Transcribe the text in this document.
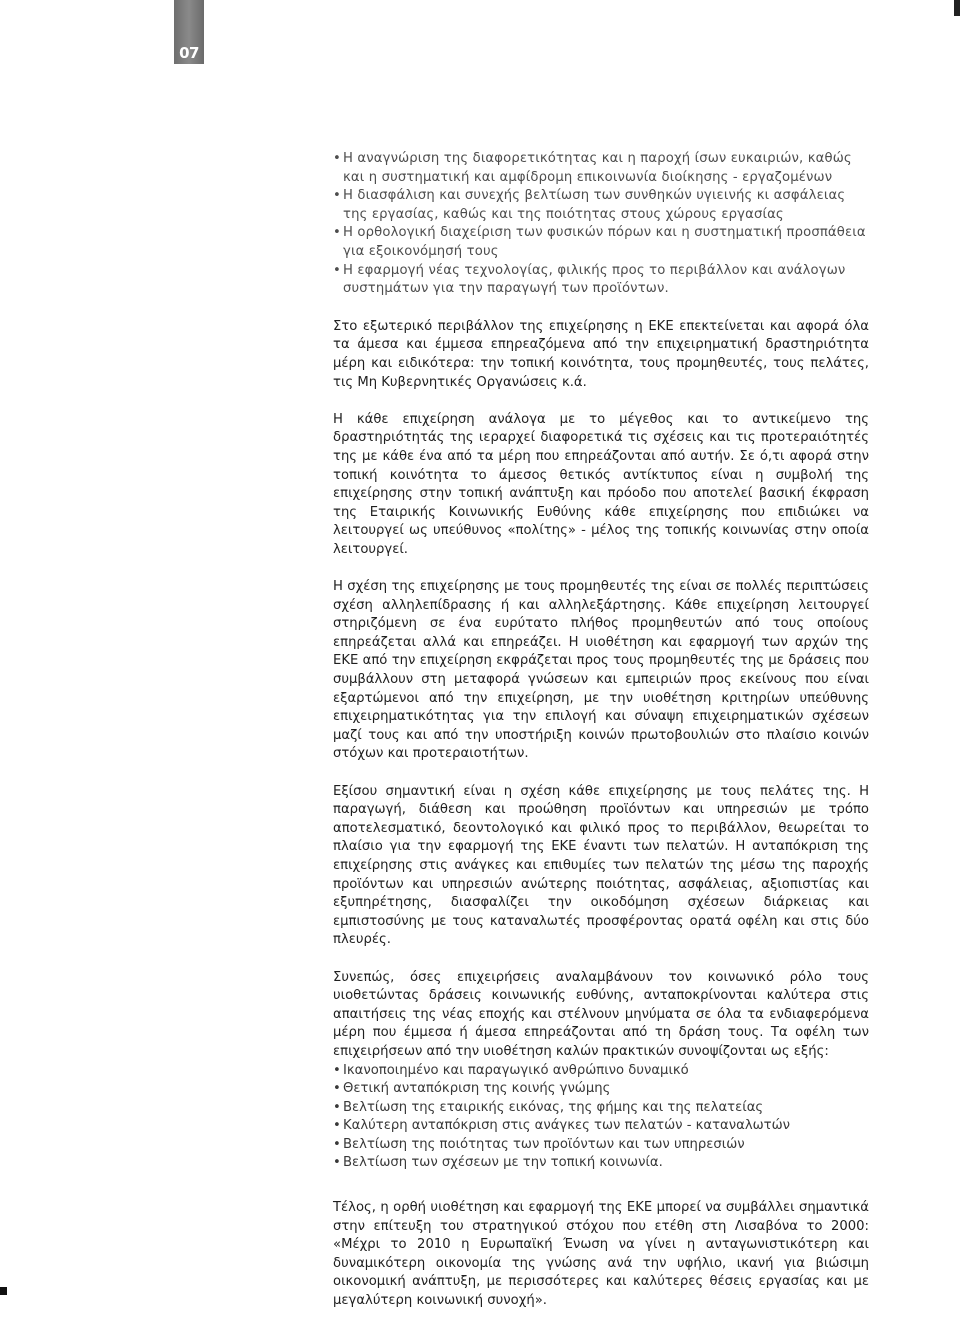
07
• Η αναγνώριση της διαφορετικότητας και η παροχή ίσων ευκαιριών, καθώς και η συστηματική και αμφίδρομη επικοινωνία διοίκησης - εργαζομένων
• Η διασφάλιση και συνεχής βελτίωση των συνθηκών υγιεινής κι ασφάλειας της εργασίας, καθώς και της ποιότητας στους χώρους εργασίας
• Η ορθολογική διαχείριση των φυσικών πόρων και η συστηματική προσπάθεια για εξοικονόμησή τους
• Η εφαρμογή νέας τεχνολογίας, φιλικής προς το περιβάλλον και ανάλογων συστημάτων για την παραγωγή των προϊόντων.

Στο εξωτερικό περιβάλλον της επιχείρησης η ΕΚΕ επεκτείνεται και αφορά όλα τα άμεσα και έμμεσα επηρεαζόμενα από την επιχειρηματική δραστηριότητα μέρη και ειδικότερα: την τοπική κοινότητα, τους προμηθευτές, τους πελάτες, τις Μη Κυβερνητικές Οργανώσεις κ.ά.

Η κάθε επιχείρηση ανάλογα με το μέγεθος και το αντικείμενο της δραστηριότητάς της ιεραρχεί διαφορετικά τις σχέσεις και τις προτεραιότητές της με κάθε ένα από τα μέρη που επηρεάζονται από αυτήν. Σε ό,τι αφορά στην τοπική κοινότητα το άμεσος θετικός αντίκτυπος είναι η συμβολή της επιχείρησης στην τοπική ανάπτυξη και πρόοδο που αποτελεί βασική έκφραση της Εταιρικής Κοινωνικής Ευθύνης κάθε επιχείρησης που επιδιώκει να λειτουργεί ως υπεύθυνος «πολίτης» - μέλος της τοπικής κοινωνίας στην οποία λειτουργεί.

Η σχέση της επιχείρησης με τους προμηθευτές της είναι σε πολλές περιπτώσεις σχέση αλληλεπίδρασης ή και αλληλεξάρτησης. Κάθε επιχείρηση λειτουργεί στηριζόμενη σε ένα ευρύτατο πλήθος προμηθευτών από τους οποίους επηρεάζεται αλλά και επηρεάζει. Η υιοθέτηση και εφαρμογή των αρχών της ΕΚΕ από την επιχείρηση εκφράζεται προς τους προμηθευτές της με δράσεις που συμβάλλουν στη μεταφορά γνώσεων και εμπειριών προς εκείνους που είναι εξαρτώμενοι από την επιχείρηση, με την υιοθέτηση κριτηρίων υπεύθυνης επιχειρηματικότητας για την επιλογή και σύναψη επιχειρηματικών σχέσεων μαζί τους και από την υποστήριξη κοινών πρωτοβουλιών στο πλαίσιο κοινών στόχων και προτεραιοτήτων.

Εξίσου σημαντική είναι η σχέση κάθε επιχείρησης με τους πελάτες της. Η παραγωγή, διάθεση και προώθηση προϊόντων και υπηρεσιών με τρόπο αποτελεσματικό, δεοντολογικό και φιλικό προς το περιβάλλον, θεωρείται το πλαίσιο για την εφαρμογή της ΕΚΕ έναντι των πελατών. Η ανταπόκριση της επιχείρησης στις ανάγκες και επιθυμίες των πελατών της μέσω της παροχής προϊόντων και υπηρεσιών ανώτερης ποιότητας, ασφάλειας, αξιοπιστίας και εξυπηρέτησης, διασφαλίζει την οικοδόμηση σχέσεων διάρκειας και εμπιστοσύνης με τους καταναλωτές προσφέροντας ορατά οφέλη και στις δύο πλευρές.

Συνεπώς, όσες επιχειρήσεις αναλαμβάνουν τον κοινωνικό ρόλο τους υιοθετώντας δράσεις κοινωνικής ευθύνης, ανταποκρίνονται καλύτερα στις απαιτήσεις της νέας εποχής και στέλνουν μηνύματα σε όλα τα ενδιαφερόμενα μέρη που έμμεσα ή άμεσα επηρεάζονται από τη δράση τους. Τα οφέλη των επιχειρήσεων από την υιοθέτηση καλών πρακτικών συνοψίζονται ως εξής:

• Ικανοποιημένο και παραγωγικό ανθρώπινο δυναμικό
• Θετική ανταπόκριση της κοινής γνώμης
• Βελτίωση της εταιρικής εικόνας, της φήμης και της πελατείας
• Καλύτερη ανταπόκριση στις ανάγκες των πελατών - καταναλωτών
• Βελτίωση της ποιότητας των προϊόντων και των υπηρεσιών
• Βελτίωση των σχέσεων με την τοπική κοινωνία.

Τέλος, η ορθή υιοθέτηση και εφαρμογή της ΕΚΕ μπορεί να συμβάλλει σημαντικά στην επίτευξη του στρατηγικού στόχου που ετέθη στη Λισαβόνα το 2000: «Μέχρι το 2010 η Ευρωπαϊκή Ένωση να γίνει η ανταγωνιστικότερη και δυναμικότερη οικονομία της γνώσης ανά την υφήλιο, ικανή για βιώσιμη οικονομική ανάπτυξη, με περισσότερες και καλύτερες θέσεις εργασίας και με μεγαλύτερη κοινωνική συνοχή».
